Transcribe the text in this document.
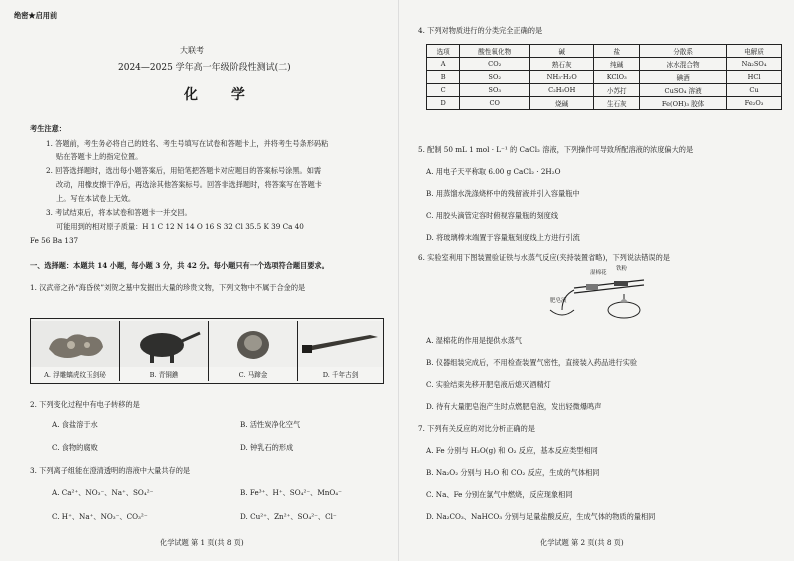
绝密★启用前
大联考
2024—2025 学年高一年级阶段性测试(二)
化 学
考生注意：
1. 答题前，考生务必将自己的姓名、考生号填写在试卷和答题卡上，并将考生号条形码粘
贴在答题卡上的指定位置。
2. 回答选择题时，选出每小题答案后，用铅笔把答题卡对应题目的答案标号涂黑。如需
改动，用橡皮擦干净后，再选涂其他答案标号。回答非选择题时，将答案写在答题卡
上。写在本试卷上无效。
3. 考试结束后，将本试卷和答题卡一并交回。
可能用到的相对原子质量：H 1 C 12 N 14 O 16 S 32 Cl 35.5 K 39 Ca 40
Fe 56 Ba 137
一、选择题：本题共 14 小题，每小题 3 分，共 42 分。每小题只有一个选项符合题目要求。
1. 汉武帝之孙“海昏侯”刘贺之墓中发掘出大量的珍贵文物，下列文物中不属于合金的是
A. 浮雕螭虎纹玉剑珌	B. 青铜鐎	C. 马蹄金	D. 千年古剑
2. 下列变化过程中有电子转移的是
A. 食盐溶于水	B. 活性炭净化空气
C. 食物的腐败	D. 钟乳石的形成
3. 下列离子组能在澄清透明的溶液中大量共存的是
A. Ca²⁺、NO₃⁻、Na⁺、SO₄²⁻	B. Fe³⁺、H⁺、SO₄²⁻、MnO₄⁻
C. H⁺、Na⁺、NO₃⁻、CO₃²⁻	D. Cu²⁺、Zn²⁺、SO₄²⁻、Cl⁻
化学试题 第 1 页(共 8 页)
4. 下列对物质进行的分类完全正确的是
选项	酸性氧化物	碱	盐	分散系	电解质
A	CO₂	熟石灰	纯碱	冰水混合物	Na₂SO₄
B	SO₂	NH₃·H₂O	KClO₃	碘酒	HCl
C	SO₃	C₂H₅OH	小苏打	CuSO₄ 溶液	Cu
D	CO	烧碱	生石灰	Fe(OH)₃ 胶体	Fe₂O₃
5. 配制 50 mL 1 mol · L⁻¹ 的 CaCl₂ 溶液，下列操作可导致所配溶液的浓度偏大的是
A. 用电子天平称取 6.00 g CaCl₂ · 2H₂O
B. 用蒸馏水洗涤烧杯中的残留液并引入容量瓶中
C. 用胶头滴管定容时俯视容量瓶的刻度线
D. 将玻璃棒末端置于容量瓶刻度线上方进行引流
6. 实验室利用下图装置验证铁与水蒸气反应(夹持装置省略)，下列说法错误的是
湿棉花
铁粉
肥皂液
A. 湿棉花的作用是提供水蒸气
B. 仪器组装完成后，不用检查装置气密性，直接装入药品进行实验
C. 实验结束先移开肥皂液后熄灭酒精灯
D. 待有大量肥皂泡产生时点燃肥皂泡，发出轻微爆鸣声
7. 下列有关反应的对比分析正确的是
A. Fe 分别与 H₂O(g) 和 O₂ 反应，基本反应类型相同
B. Na₂O₂ 分别与 H₂O 和 CO₂ 反应，生成的气体相同
C. Na、Fe 分别在氯气中燃烧，反应现象相同
D. Na₂CO₃、NaHCO₃ 分别与足量盐酸反应，生成气体的物质的量相同
化学试题 第 2 页(共 8 页)
